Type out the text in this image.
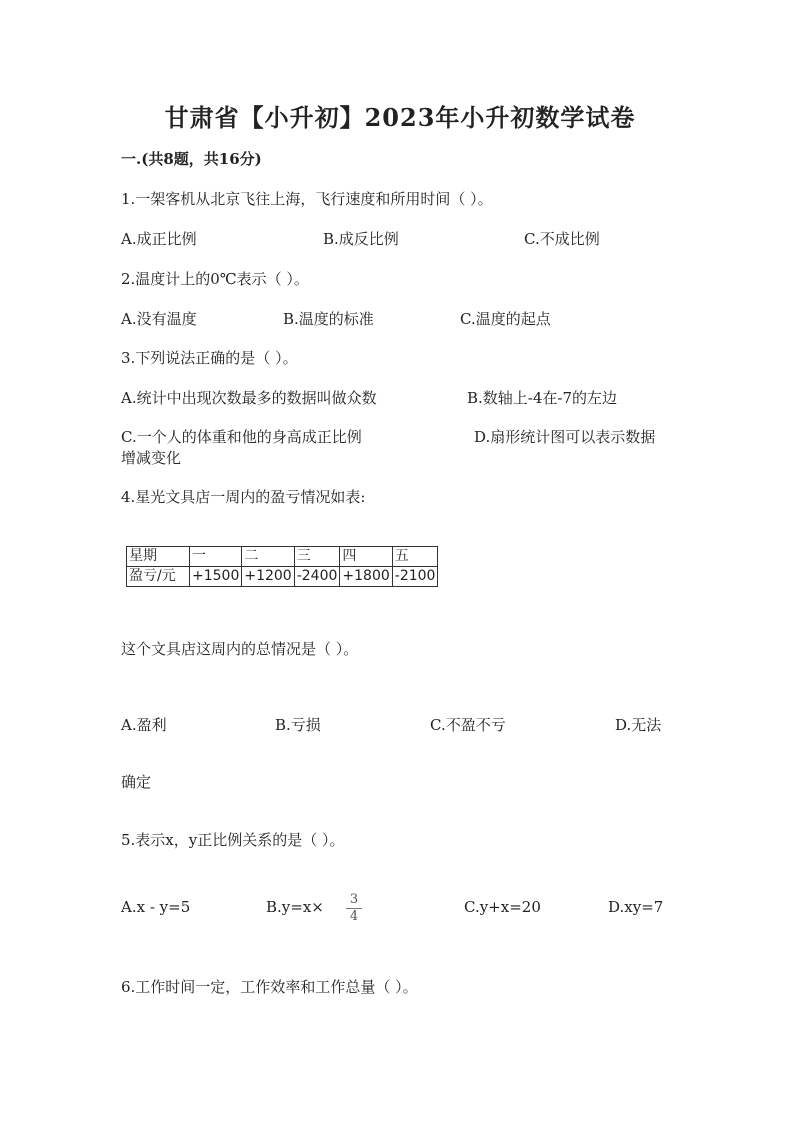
甘肃省【小升初】2023年小升初数学试卷
一.(共8题，共16分)
1.一架客机从北京飞往上海，飞行速度和所用时间（ ）。
A.成正比例	B.成反比例	C.不成比例
2.温度计上的0℃表示（ ）。
A.没有温度	B.温度的标准	C.温度的起点
3.下列说法正确的是（ ）。
A.统计中出现次数最多的数据叫做众数	B.数轴上-4在-7的左边
C.一个人的体重和他的身高成正比例	D.扇形统计图可以表示数据
增减变化
4.星光文具店一周内的盈亏情况如表:
星期	一	二	三	四	五
盈亏/元	+1500	+1200	-2400	+1800	-2100
这个文具店这周内的总情况是（ ）。
A.盈利	B.亏损	C.不盈不亏	D.无法
确定
5.表示x，y正比例关系的是（ ）。
A.x - y=5	B.y=x× 3
4
C.y+x=20	D.xy=7
6.工作时间一定，工作效率和工作总量（ ）。
